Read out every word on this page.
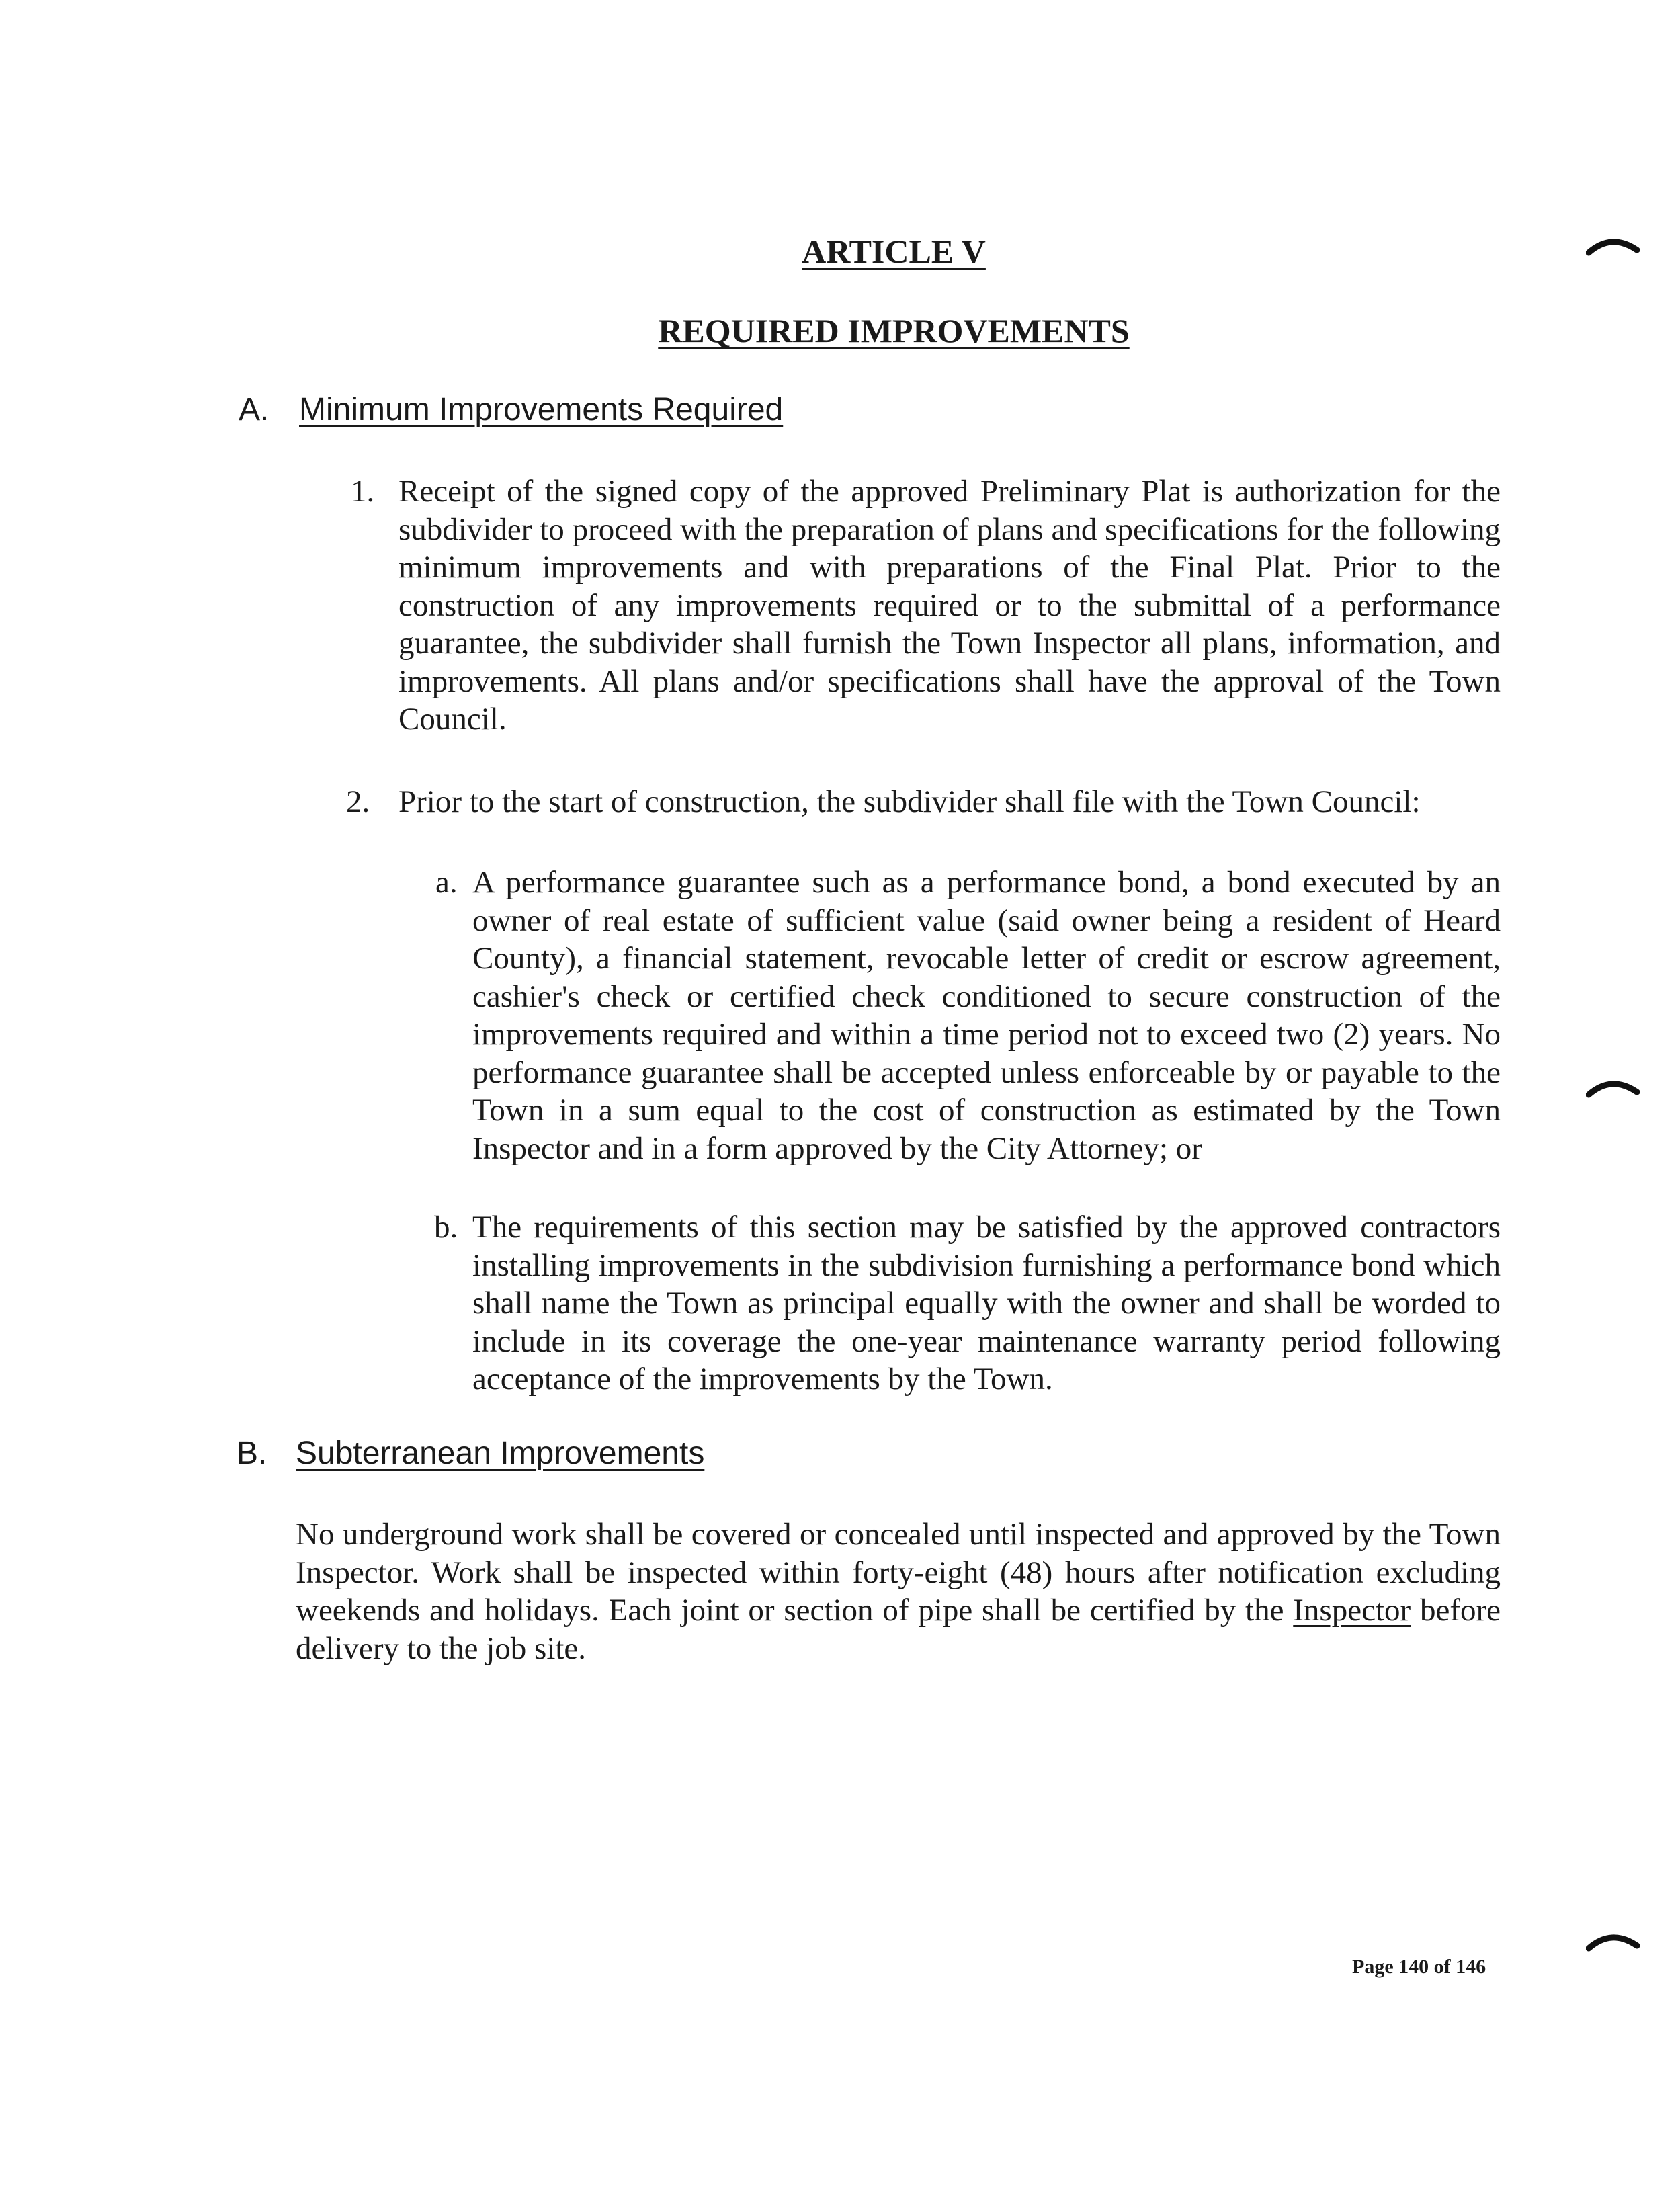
ARTICLE V
REQUIRED IMPROVEMENTS
A. Minimum Improvements Required
1. Receipt of the signed copy of the approved Preliminary Plat is authorization for the subdivider to proceed with the preparation of plans and specifications for the following minimum improvements and with preparations of the Final Plat. Prior to the construction of any improvements required or to the submittal of a performance guarantee, the subdivider shall furnish the Town Inspector all plans, information, and improvements. All plans and/or specifications shall have the approval of the Town Council.
2. Prior to the start of construction, the subdivider shall file with the Town Council:
a. A performance guarantee such as a performance bond, a bond executed by an owner of real estate of sufficient value (said owner being a resident of Heard County), a financial statement, revocable letter of credit or escrow agreement, cashier's check or certified check conditioned to secure construction of the improvements required and within a time period not to exceed two (2) years. No performance guarantee shall be accepted unless enforceable by or payable to the Town in a sum equal to the cost of construction as estimated by the Town Inspector and in a form approved by the City Attorney; or
b. The requirements of this section may be satisfied by the approved contractors installing improvements in the subdivision furnishing a performance bond which shall name the Town as principal equally with the owner and shall be worded to include in its coverage the one-year maintenance warranty period following acceptance of the improvements by the Town.
B. Subterranean Improvements
No underground work shall be covered or concealed until inspected and approved by the Town Inspector. Work shall be inspected within forty-eight (48) hours after notification excluding weekends and holidays. Each joint or section of pipe shall be certified by the Inspector before delivery to the job site.
Page 140 of 146
